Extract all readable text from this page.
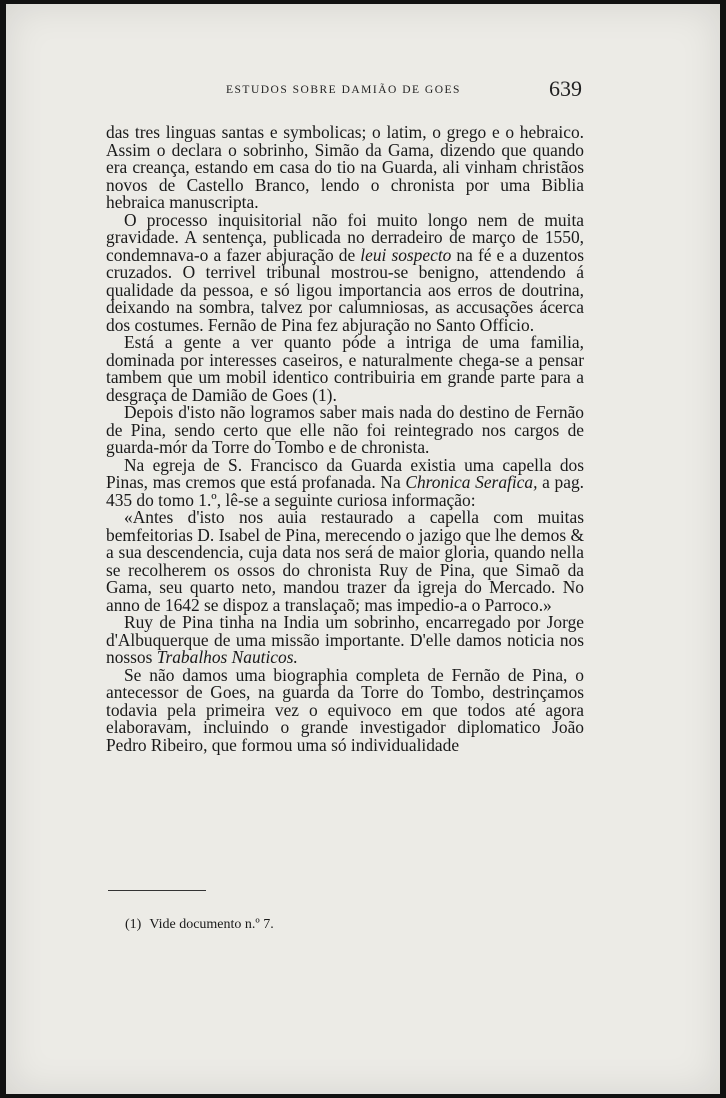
ESTUDOS SOBRE DAMIÃO DE GOES	639

das tres linguas santas e symbolicas; o latim, o grego e o hebraico. Assim o declara o sobrinho, Simão da Gama, dizendo que quando era creança, estando em casa do tio na Guarda, ali vinham christãos novos de Castello Branco, lendo o chronista por uma Biblia hebraica manuscripta.

O processo inquisitorial não foi muito longo nem de muita gravidade. A sentença, publicada no derradeiro de março de 1550, condemnava-o a fazer abjuração de leui sospecto na fé e a duzentos cruzados. O terrivel tribunal mostrou-se benigno, attendendo á qualidade da pessoa, e só ligou importancia aos erros de doutrina, deixando na sombra, talvez por calumniosas, as accusações ácerca dos costumes. Fernão de Pina fez abjuração no Santo Officio.

Está a gente a ver quanto póde a intriga de uma familia, dominada por interesses caseiros, e naturalmente chega-se a pensar tambem que um mobil identico contribuiria em grande parte para a desgraça de Damião de Goes (1).

Depois d'isto não logramos saber mais nada do destino de Fernão de Pina, sendo certo que elle não foi reintegrado nos cargos de guarda-mór da Torre do Tombo e de chronista.

Na egreja de S. Francisco da Guarda existia uma capella dos Pinas, mas cremos que está profanada. Na Chronica Serafica, a pag. 435 do tomo 1.º, lê-se a seguinte curiosa informação:

«Antes d'isto nos auia restaurado a capella com muitas bemfeitorias D. Isabel de Pina, merecendo o jazigo que lhe demos & a sua descendencia, cuja data nos será de maior gloria, quando nella se recolherem os ossos do chronista Ruy de Pina, que Simaõ da Gama, seu quarto neto, mandou trazer da igreja do Mercado. No anno de 1642 se dispoz a translaçaõ; mas impedio-a o Parroco.»

Ruy de Pina tinha na India um sobrinho, encarregado por Jorge d'Albuquerque de uma missão importante. D'elle damos noticia nos nossos Trabalhos Nauticos.

Se não damos uma biographia completa de Fernão de Pina, o antecessor de Goes, na guarda da Torre do Tombo, destrinçamos todavia pela primeira vez o equivoco em que todos até agora elaboravam, incluindo o grande investigador diplomatico João Pedro Ribeiro, que formou uma só individualidade

(1) Vide documento n.º 7.
